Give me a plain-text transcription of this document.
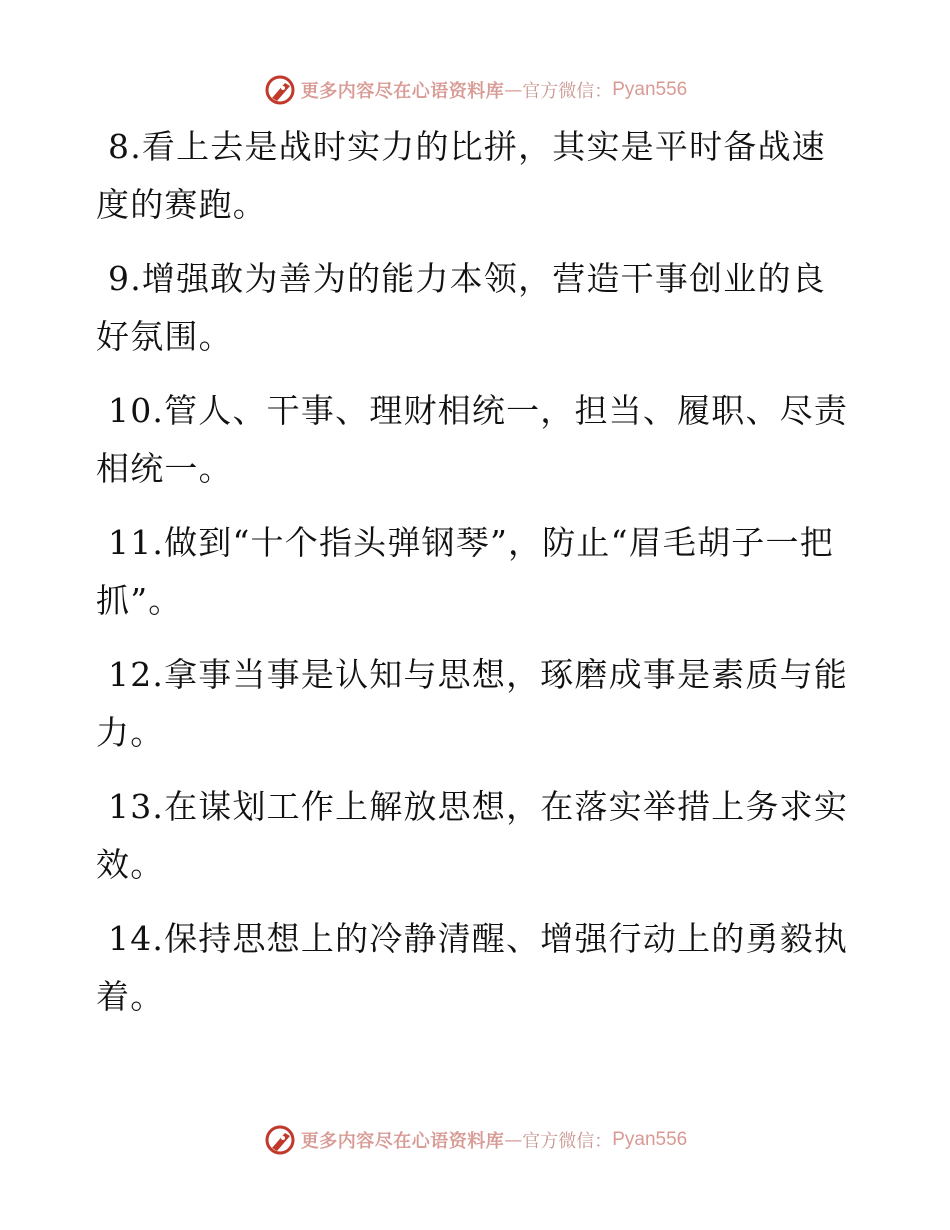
更多内容尽在心语资料库 — 官方微信： Pyan556

8.看上去是战时实力的比拼，其实是平时备战速度的赛跑。

9.增强敢为善为的能力本领，营造干事创业的良好氛围。

10.管人、干事、理财相统一，担当、履职、尽责相统一。

11.做到“十个指头弹钢琴”，防止“眉毛胡子一把抓”。

12.拿事当事是认知与思想，琢磨成事是素质与能力。

13.在谋划工作上解放思想，在落实举措上务求实效。

14.保持思想上的冷静清醒、增强行动上的勇毅执着。

更多内容尽在心语资料库 — 官方微信： Pyan556
